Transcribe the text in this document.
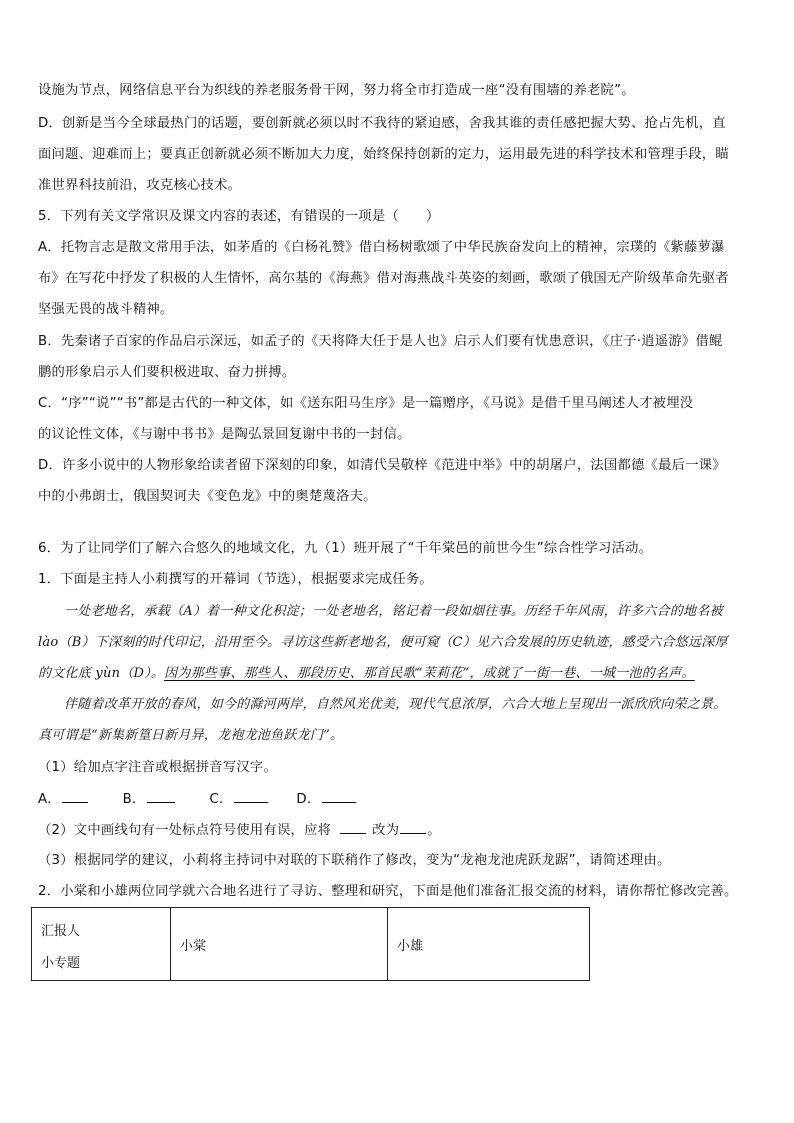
设施为节点，网络信息平台为织线的养老服务骨干网，努力将全市打造成一座“没有围墙的养老院”。
D．创新是当今全球最热门的话题，要创新就必须以时不我待的紧迫感，舍我其谁的责任感把握大势、抢占先机，直
面问题、迎难而上；要真正创新就必须不断加大力度，始终保持创新的定力，运用最先进的科学技术和管理手段，瞄
准世界科技前沿，攻克核心技术。
5．下列有关文学常识及课文内容的表述，有错误的一项是（　　）
A．托物言志是散文常用手法，如茅盾的《白杨礼赞》借白杨树歌颂了中华民族奋发向上的精神，宗璞的《紫藤萝瀑
布》在写花中抒发了积极的人生情怀，高尔基的《海燕》借对海燕战斗英姿的刻画，歌颂了俄国无产阶级革命先驱者
坚强无畏的战斗精神。
B．先秦诸子百家的作品启示深远，如孟子的《天将降大任于是人也》启示人们要有忧患意识，《庄子·逍遥游》借鲲
鹏的形象启示人们要积极进取、奋力拼搏。
C．“序”“说”“书”都是古代的一种文体，如《送东阳马生序》是一篇赠序，《马说》是借千里马阐述人才被埋没
的议论性文体，《与谢中书书》是陶弘景回复谢中书的一封信。
D．许多小说中的人物形象给读者留下深刻的印象，如清代吴敬梓《范进中举》中的胡屠户，法国都德《最后一课》
中的小弗朗士，俄国契诃夫《变色龙》中的奥楚蔑洛夫。
6．为了让同学们了解六合悠久的地域文化，九（1）班开展了“千年棠邑的前世今生”综合性学习活动。
1．下面是主持人小莉撰写的开幕词（节选），根据要求完成任务。
一处老地名，承载（A）着一种文化积淀；一处老地名，铭记着一段如烟往事。历经千年风雨，许多六合的地名被
lào（B）下深刻的时代印记，沿用至今。寻访这些新老地名，便可窥（C）见六合发展的历史轨迹，感受六合悠远深厚
的文化底 yùn（D）。因为那些事、那些人、那段历史、那首民歌“茉莉花”，成就了一街一巷、一城一池的名声。
伴随着改革开放的春风，如今的滁河两岸，自然风光优美，现代气息浓厚，六合大地上呈现出一派欣欣向荣之景。
真可谓是“新集新篁日新月异，龙袍龙池鱼跃龙门”。
（1）给加点字注音或根据拼音写汉字。
A.	B.	C.	D.
（2）文中画线句有一处标点符号使用有误，应将	改为 。
（3）根据同学的建议，小莉将主持词中对联的下联稍作了修改，变为“龙袍龙池虎跃龙踞”，请简述理由。
2．小棠和小雄两位同学就六合地名进行了寻访、整理和研究，下面是他们准备汇报交流的材料，请你帮忙修改完善。
汇报人
小专题
	小棠	小雄
